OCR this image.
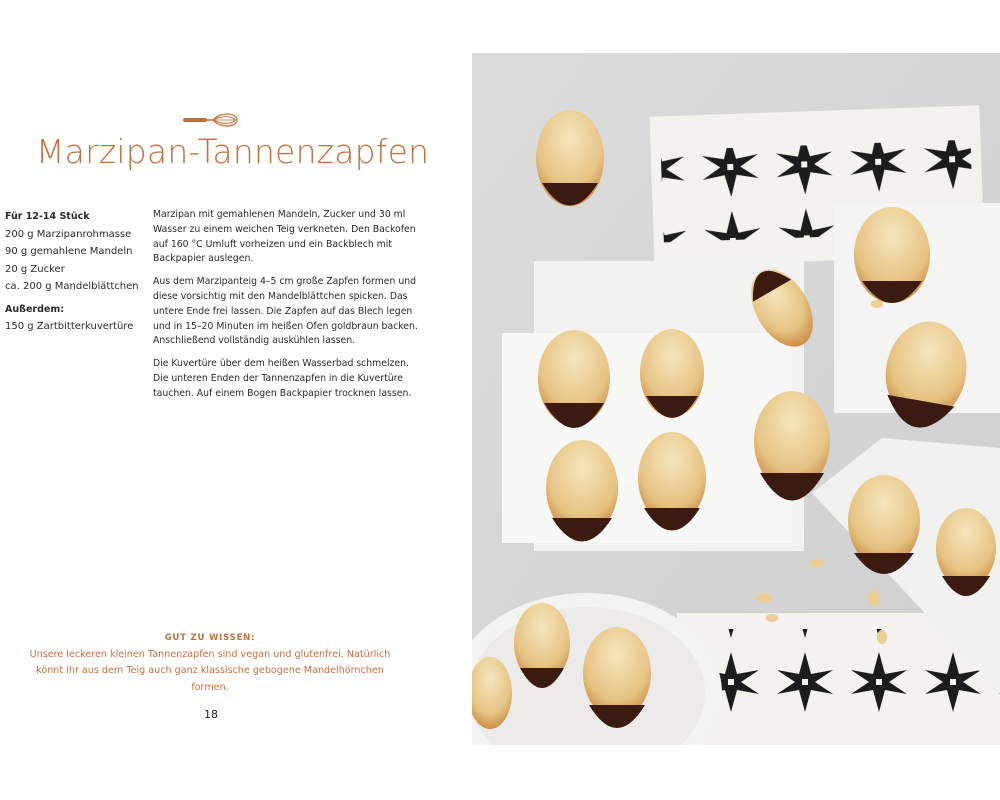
Marzipan-Tannenzapfen
Für 12-14 Stück
200 g Marzipanrohmasse
90 g gemahlene Mandeln
20 g Zucker
ca. 200 g Mandelblättchen
Außerdem:
150 g Zartbitterkuvertüre

Marzipan mit gemahlenen Mandeln, Zucker und 30 ml Wasser zu einem weichen Teig verkneten. Den Backofen auf 160 °C Umluft vorheizen und ein Backblech mit Backpapier auslegen.

Aus dem Marzipanteig 4–5 cm große Zapfen formen und diese vorsichtig mit den Mandelblättchen spicken. Das untere Ende frei lassen. Die Zapfen auf das Blech legen und in 15–20 Minuten im heißen Ofen goldbraun backen. Anschließend vollständig auskühlen lassen.

Die Kuvertüre über dem heißen Wasserbad schmelzen. Die unteren Enden der Tannenzapfen in die Kuvertüre tauchen. Auf einem Bogen Backpapier trocknen lassen.

GUT ZU WISSEN:
Unsere leckeren kleinen Tannenzapfen sind vegan und glutenfrei. Natürlich könnt ihr aus dem Teig auch ganz klassische gebogene Mandelhörnchen formen.
18
